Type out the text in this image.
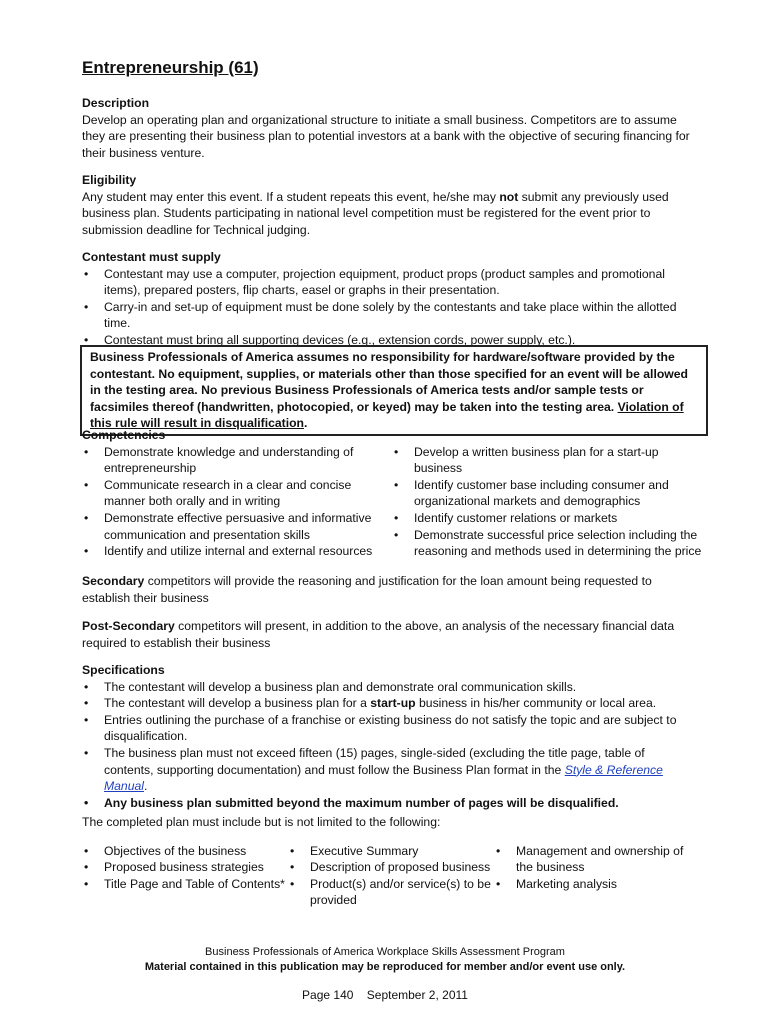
Entrepreneurship (61)
Description

Develop an operating plan and organizational structure to initiate a small business. Competitors are to assume they are presenting their business plan to potential investors at a bank with the objective of securing financing for their business venture.

Eligibility

Any student may enter this event. If a student repeats this event, he/she may not submit any previously used business plan. Students participating in national level competition must be registered for the event prior to submission deadline for Technical judging.

Contestant must supply
• Contestant may use a computer, projection equipment, product props (product samples and promotional items), prepared posters, flip charts, easel or graphs in their presentation.
• Carry-in and set-up of equipment must be done solely by the contestants and take place within the allotted time.
• Contestant must bring all supporting devices (e.g., extension cords, power supply, etc.).
Business Professionals of America assumes no responsibility for hardware/software provided by the contestant. No equipment, supplies, or materials other than those specified for an event will be allowed in the testing area. No previous Business Professionals of America tests and/or sample tests or facsimiles thereof (handwritten, photocopied, or keyed) may be taken into the testing area. Violation of this rule will result in disqualification.
Competencies
• Demonstrate knowledge and understanding of entrepreneurship
• Communicate research in a clear and concise manner both orally and in writing
• Demonstrate effective persuasive and informative communication and presentation skills
• Identify and utilize internal and external resources
• Develop a written business plan for a start-up business
• Identify customer base including consumer and organizational markets and demographics
• Identify customer relations or markets
• Demonstrate successful price selection including the reasoning and methods used in determining the price

Secondary competitors will provide the reasoning and justification for the loan amount being requested to establish their business

Post-Secondary competitors will present, in addition to the above, an analysis of the necessary financial data required to establish their business

Specifications
• The contestant will develop a business plan and demonstrate oral communication skills.
• The contestant will develop a business plan for a start-up business in his/her community or local area.
• Entries outlining the purchase of a franchise or existing business do not satisfy the topic and are subject to disqualification.
• The business plan must not exceed fifteen (15) pages, single-sided (excluding the title page, table of contents, supporting documentation) and must follow the Business Plan format in the Style & Reference Manual.
• Any business plan submitted beyond the maximum number of pages will be disqualified.

The completed plan must include but is not limited to the following:

• Objectives of the business
• Proposed business strategies
• Title Page and Table of Contents*
• Executive Summary
• Description of proposed business
• Product(s) and/or service(s) to be provided
• Management and ownership of the business
• Marketing analysis
Business Professionals of America Workplace Skills Assessment Program
Material contained in this publication may be reproduced for member and/or event use only.
Page 140 September 2, 2011
